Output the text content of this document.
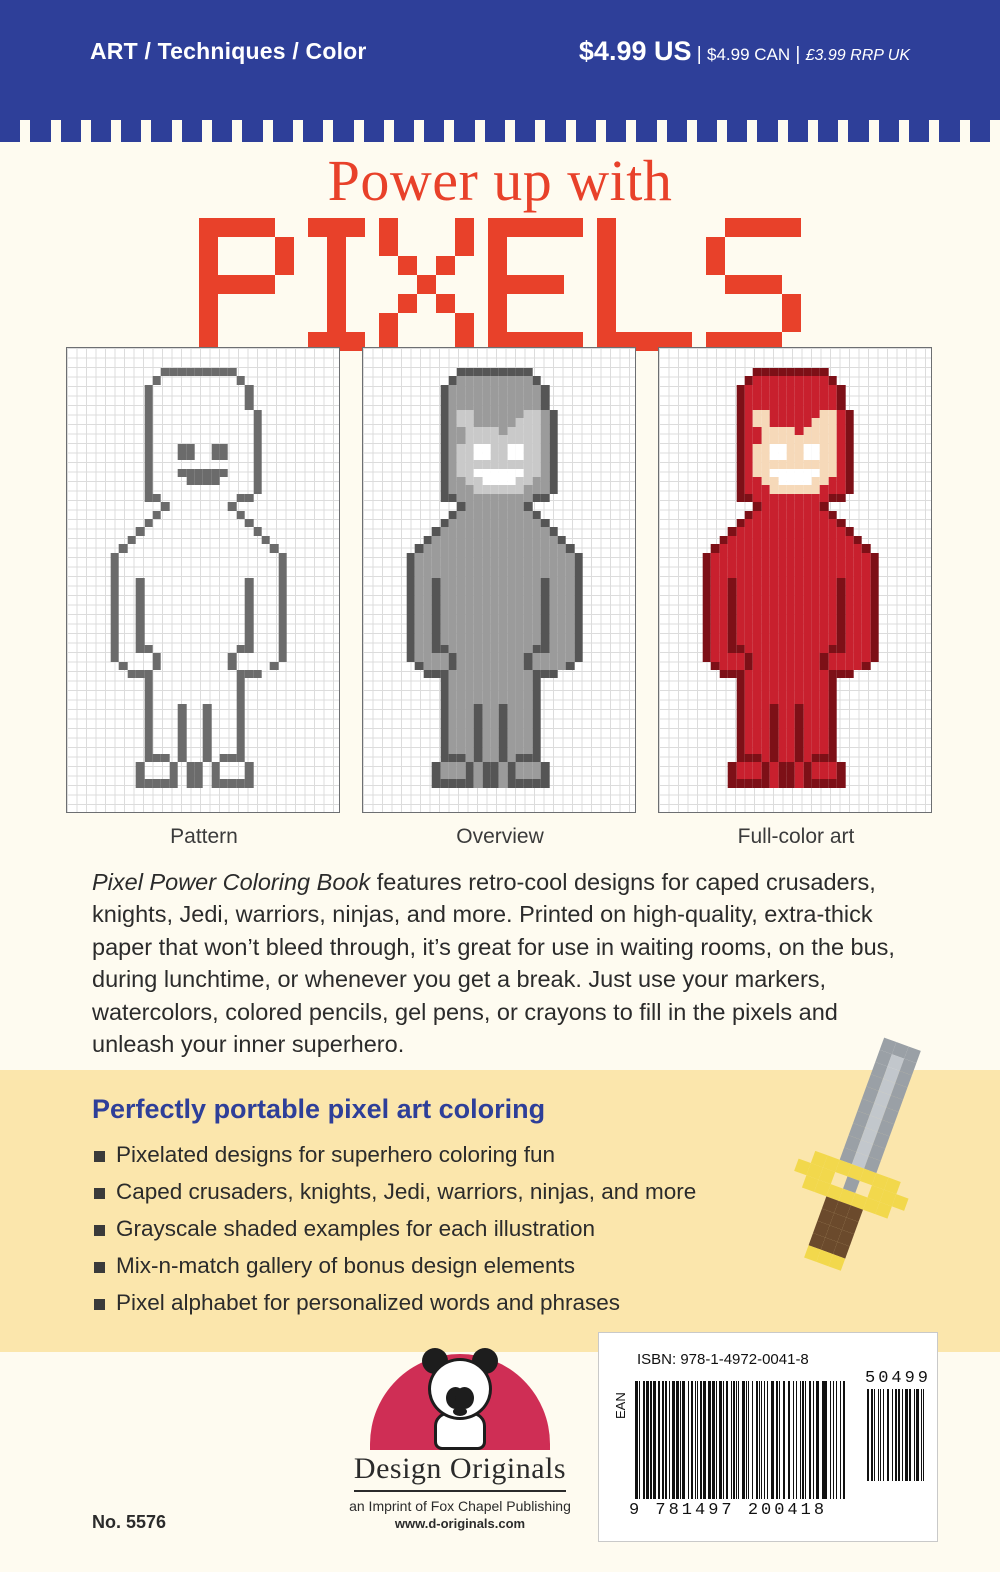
ART / Techniques / Color	$4.99 US | $4.99 CAN | £3.99 RRP UK
Power up with
Pattern	Overview	Full-color art
Pixel Power Coloring Book features retro-cool designs for caped crusaders, knights, Jedi, warriors, ninjas, and more. Printed on high-quality, extra-thick paper that won’t bleed through, it’s great for use in waiting rooms, on the bus, during lunchtime, or whenever you get a break. Just use your markers, watercolors, colored pencils, gel pens, or crayons to fill in the pixels and unleash your inner superhero.
Perfectly portable pixel art coloring
Pixelated designs for superhero coloring fun
Caped crusaders, knights, Jedi, warriors, ninjas, and more
Grayscale shaded examples for each illustration
Mix-n-match gallery of bonus design elements
Pixel alphabet for personalized words and phrases
Design Originals
an Imprint of Fox Chapel Publishing
www.d-originals.com
ISBN: 978-1-4972-0041-8
EAN
9 781497 200418
50499
No. 5576
